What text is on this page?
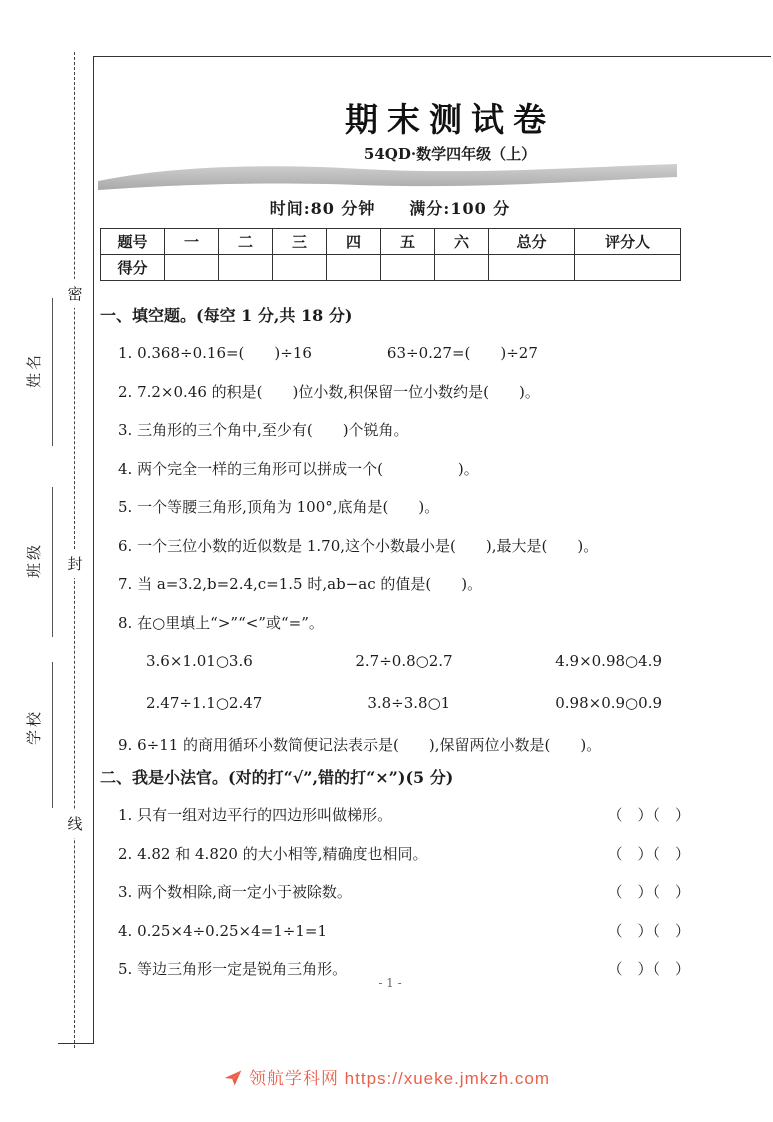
密
封
线
姓名
班级
学校
期末测试卷
54QD·数学四年级（上）
时间:80 分钟　　满分:100 分
题号	一	二	三	四	五	六	总分	评分人
得分								
一、填空题。(每空 1 分,共 18 分)
1. 0.368÷0.16=(　　)÷16　　　　　63÷0.27=(　　)÷27
2. 7.2×0.46 的积是(　　)位小数,积保留一位小数约是(　　)。
3. 三角形的三个角中,至少有(　　)个锐角。
4. 两个完全一样的三角形可以拼成一个(　　　　　)。
5. 一个等腰三角形,顶角为 100°,底角是(　　)。
6. 一个三位小数的近似数是 1.70,这个小数最小是(　　),最大是(　　)。
7. 当 a=3.2,b=2.4,c=1.5 时,ab−ac 的值是(　　)。
8. 在○里填上“>”“<”或“=”。
3.6×1.01○3.6	2.7÷0.8○2.7	4.9×0.98○4.9
2.47÷1.1○2.47	3.8÷3.8○1	0.98×0.9○0.9
9. 6÷11 的商用循环小数简便记法表示是(　　),保留两位小数是(　　)。
二、我是小法官。(对的打“√”,错的打“×”)(5 分)
1. 只有一组对边平行的四边形叫做梯形。	（　）（　）
2. 4.82 和 4.820 的大小相等,精确度也相同。	（　）（　）
3. 两个数相除,商一定小于被除数。	（　）（　）
4. 0.25×4÷0.25×4=1÷1=1	（　）（　）
5. 等边三角形一定是锐角三角形。	（　）（　）
- 1 -
领航学科网 https://xueke.jmkzh.com
